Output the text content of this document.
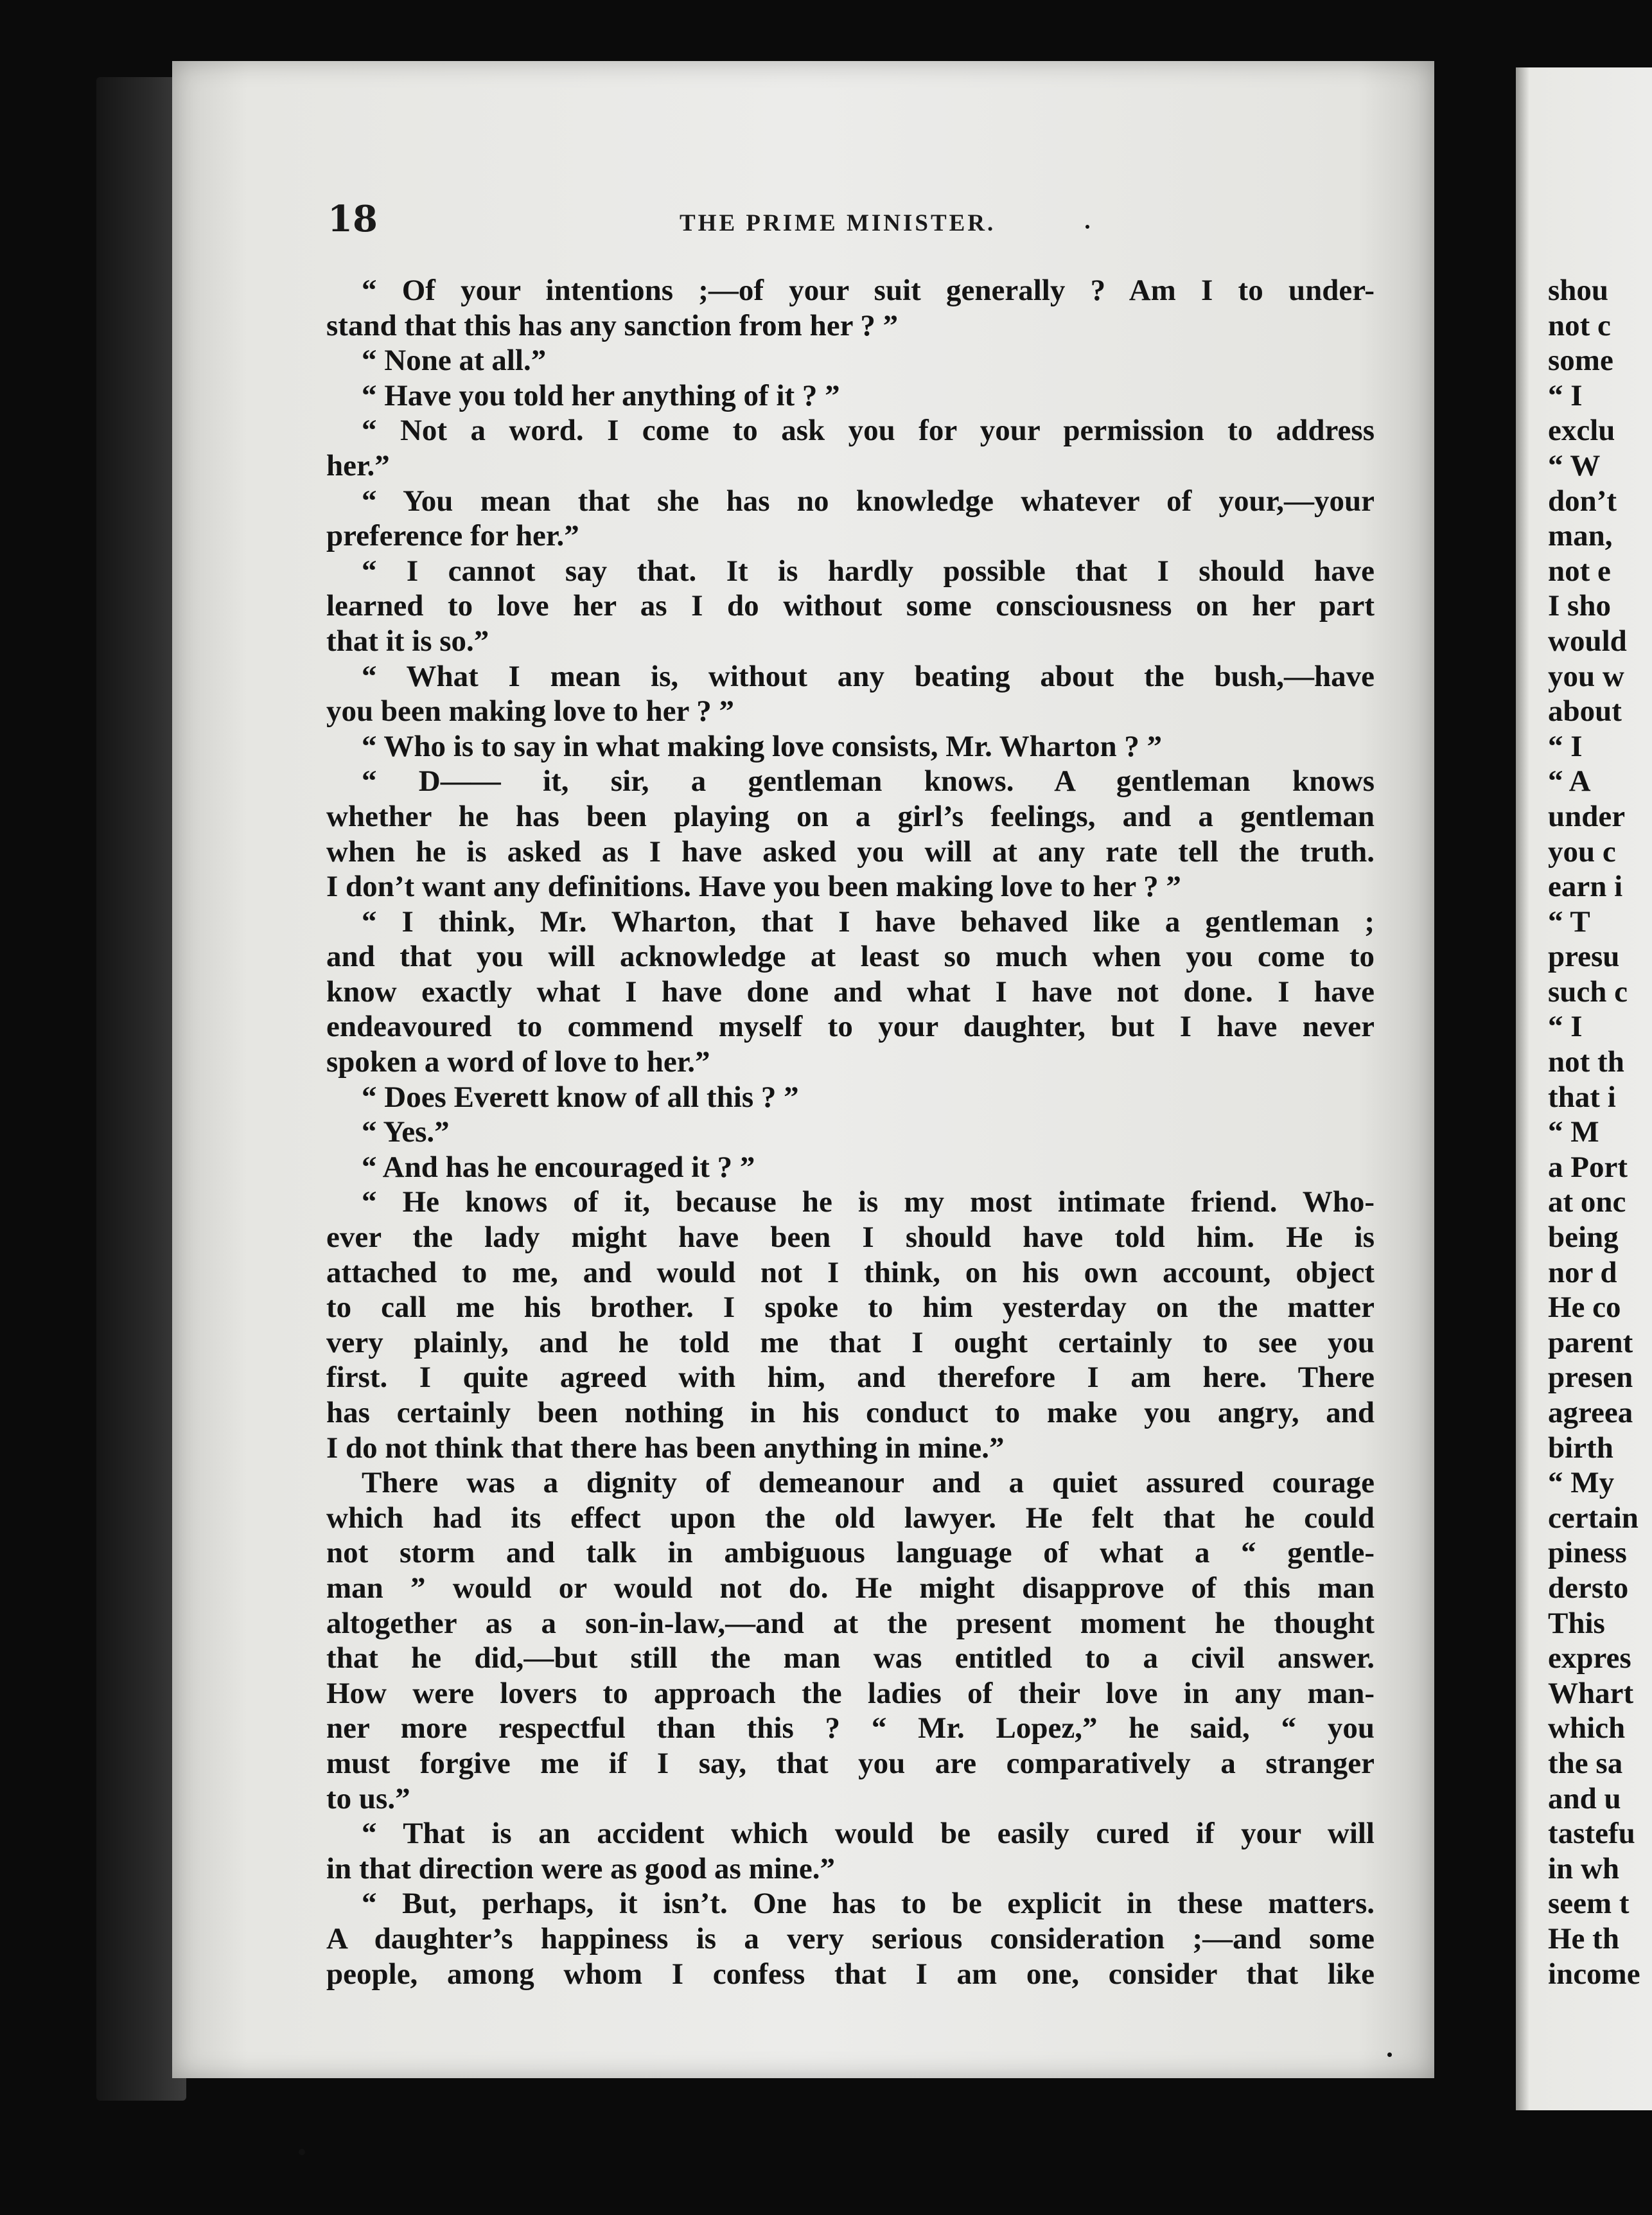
18	THE PRIME MINISTER.
“ Of your intentions ;—of your suit generally ? Am I to under-
stand that this has any sanction from her ? ”
“ None at all.”
“ Have you told her anything of it ? ”
“ Not a word. I come to ask you for your permission to address
her.”
“ You mean that she has no knowledge whatever of your,—your
preference for her.”
“ I cannot say that. It is hardly possible that I should have
learned to love her as I do without some consciousness on her part
that it is so.”
“ What I mean is, without any beating about the bush,—have
you been making love to her ? ”
“ Who is to say in what making love consists, Mr. Wharton ? ”
“ D—— it, sir, a gentleman knows. A gentleman knows
whether he has been playing on a girl’s feelings, and a gentleman
when he is asked as I have asked you will at any rate tell the truth.
I don’t want any definitions. Have you been making love to her ? ”
“ I think, Mr. Wharton, that I have behaved like a gentleman ;
and that you will acknowledge at least so much when you come to
know exactly what I have done and what I have not done. I have
endeavoured to commend myself to your daughter, but I have never
spoken a word of love to her.”
“ Does Everett know of all this ? ”
“ Yes.”
“ And has he encouraged it ? ”
“ He knows of it, because he is my most intimate friend. Who-
ever the lady might have been I should have told him. He is
attached to me, and would not I think, on his own account, object
to call me his brother. I spoke to him yesterday on the matter
very plainly, and he told me that I ought certainly to see you
first. I quite agreed with him, and therefore I am here. There
has certainly been nothing in his conduct to make you angry, and
I do not think that there has been anything in mine.”
There was a dignity of demeanour and a quiet assured courage
which had its effect upon the old lawyer. He felt that he could
not storm and talk in ambiguous language of what a “ gentle-
man ” would or would not do. He might disapprove of this man
altogether as a son-in-law,—and at the present moment he thought
that he did,—but still the man was entitled to a civil answer.
How were lovers to approach the ladies of their love in any man-
ner more respectful than this ? “ Mr. Lopez,” he said, “ you
must forgive me if I say, that you are comparatively a stranger
to us.”
“ That is an accident which would be easily cured if your will
in that direction were as good as mine.”
“ But, perhaps, it isn’t. One has to be explicit in these matters.
A daughter’s happiness is a very serious consideration ;—and some
people, among whom I confess that I am one, consider that like
shou
not c
some
“ I
exclu
“ W
don’t
man,
not e
I sho
would
you w
about
“ I
“ A
under
you c
earn i
“ T
presu
such c
“ I
not th
that i
“ M
a Port
at onc
being
nor d
He co
parent
presen
agreea
birth
“ My
certain
piness
dersto
This
expres
Whart
which
the sa
and u
tastefu
in wh
seem t
He th
income
